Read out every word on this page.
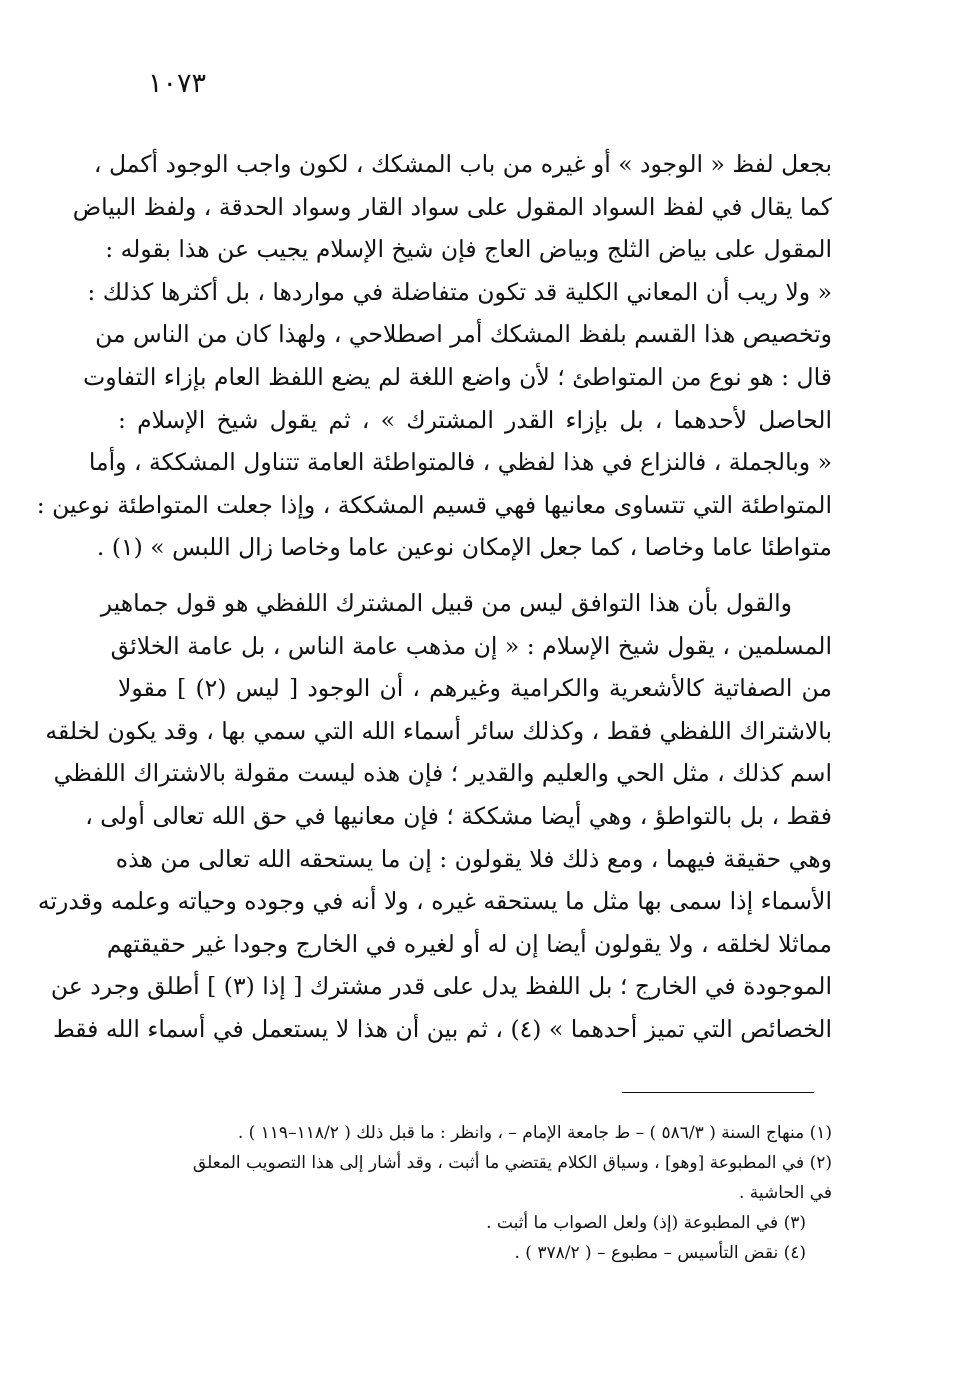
١٠٧٣
بجعل لفظ « الوجود » أو غيره من باب المشكك ، لكون واجب الوجود أكمل ،
كما يقال في لفظ السواد المقول على سواد القار وسواد الحدقة ، ولفظ البياض
المقول على بياض الثلج وبياض العاج فإن شيخ الإسلام يجيب عن هذا بقوله :
« ولا ريب أن المعاني الكلية قد تكون متفاضلة في مواردها ، بل أكثرها كذلك :
وتخصيص هذا القسم بلفظ المشكك أمر اصطلاحي ، ولهذا كان من الناس من
قال : هو نوع من المتواطئ ؛ لأن واضع اللغة لم يضع اللفظ العام بإزاء التفاوت
الحاصل لأحدهما ، بل بإزاء القدر المشترك » ، ثم يقول شيخ الإسلام :
« وبالجملة ، فالنزاع في هذا لفظي ، فالمتواطئة العامة تتناول المشككة ، وأما
المتواطئة التي تتساوى معانيها فهي قسيم المشككة ، وإذا جعلت المتواطئة نوعين :
متواطئا عاما وخاصا ، كما جعل الإمكان نوعين عاما وخاصا زال اللبس » (١) .
والقول بأن هذا التوافق ليس من قبيل المشترك اللفظي هو قول جماهير
المسلمين ، يقول شيخ الإسلام : « إن مذهب عامة الناس ، بل عامة الخلائق
من الصفاتية كالأشعرية والكرامية وغيرهم ، أن الوجود [ ليس (٢) ] مقولا
بالاشتراك اللفظي فقط ، وكذلك سائر أسماء الله التي سمي بها ، وقد يكون لخلقه
اسم كذلك ، مثل الحي والعليم والقدير ؛ فإن هذه ليست مقولة بالاشتراك اللفظي
فقط ، بل بالتواطؤ ، وهي أيضا مشككة ؛ فإن معانيها في حق الله تعالى أولى ،
وهي حقيقة فيهما ، ومع ذلك فلا يقولون : إن ما يستحقه الله تعالى من هذه
الأسماء إذا سمى بها مثل ما يستحقه غيره ، ولا أنه في وجوده وحياته وعلمه وقدرته
مماثلا لخلقه ، ولا يقولون أيضا إن له أو لغيره في الخارج وجودا غير حقيقتهم
الموجودة في الخارج ؛ بل اللفظ يدل على قدر مشترك [ إذا (٣) ] أطلق وجرد عن
الخصائص التي تميز أحدهما » (٤) ، ثم بين أن هذا لا يستعمل في أسماء الله فقط
(١) منهاج السنة ( ٥٨٦/٣ ) – ط جامعة الإمام – ، وانظر : ما قبل ذلك ( ١١٨/٢–١١٩ ) .
(٢) في المطبوعة [وهو] ، وسياق الكلام يقتضي ما أثبت ، وقد أشار إلى هذا التصويب المعلق
في الحاشية .
(٣) في المطبوعة (إذ) ولعل الصواب ما أثبت .
(٤) نقض التأسيس – مطبوع – ( ٣٧٨/٢ ) .
